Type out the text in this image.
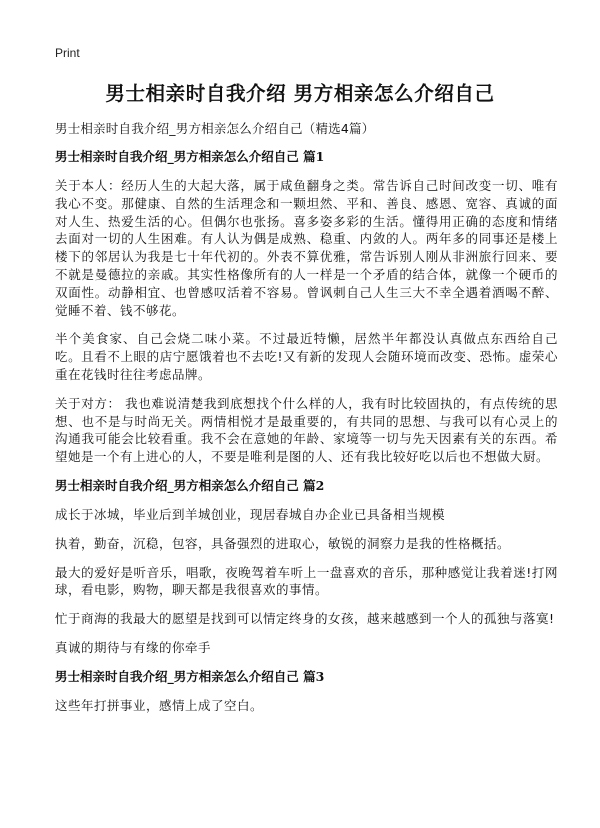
Print
男士相亲时自我介绍 男方相亲怎么介绍自己

男士相亲时自我介绍_男方相亲怎么介绍自己（精选4篇）

男士相亲时自我介绍_男方相亲怎么介绍自己 篇1

关于本人：经历人生的大起大落，属于咸鱼翻身之类。常告诉自己时间改变一切、唯有我心不变。那健康、自然的生活理念和一颗坦然、平和、善良、感恩、宽容、真诚的面对人生、热爱生活的心。但偶尔也张扬。喜多姿多彩的生活。懂得用正确的态度和情绪去面对一切的人生困难。有人认为偶是成熟、稳重、内敛的人。两年多的同事还是楼上楼下的邻居认为我是七十年代初的。外表不算优雅，常告诉别人刚从非洲旅行回来、要不就是曼德拉的亲戚。其实性格像所有的人一样是一个矛盾的结合体，就像一个硬币的双面性。动静相宜、也曾感叹活着不容易。曾讽刺自己人生三大不幸全遇着酒喝不醉、觉睡不着、钱不够花。

半个美食家、自己会烧二味小菜。不过最近特懒，居然半年都没认真做点东西给自己吃。且看不上眼的店宁愿饿着也不去吃!又有新的发现人会随环境而改变、恐怖。虚荣心重在花钱时往往考虑品牌。

关于对方： 我也难说清楚我到底想找个什么样的人，我有时比较固执的，有点传统的思想、也不是与时尚无关。两情相悦才是最重要的，有共同的思想、与我可以有心灵上的沟通我可能会比较看重。我不会在意她的年龄、家境等一切与先天因素有关的东西。希望她是一个有上进心的人，不要是唯利是图的人、还有我比较好吃以后也不想做大厨。

男士相亲时自我介绍_男方相亲怎么介绍自己 篇2

成长于冰城，毕业后到羊城创业，现居春城自办企业已具备相当规模

执着，勤奋，沉稳，包容，具备强烈的进取心，敏锐的洞察力是我的性格概括。

最大的爱好是听音乐，唱歌，夜晚驾着车听上一盘喜欢的音乐，那种感觉让我着迷!打网球，看电影，购物，聊天都是我很喜欢的事情。

忙于商海的我最大的愿望是找到可以情定终身的女孩，越来越感到一个人的孤独与落寞!

真诚的期待与有缘的你牵手

男士相亲时自我介绍_男方相亲怎么介绍自己 篇3

这些年打拼事业，感情上成了空白。
